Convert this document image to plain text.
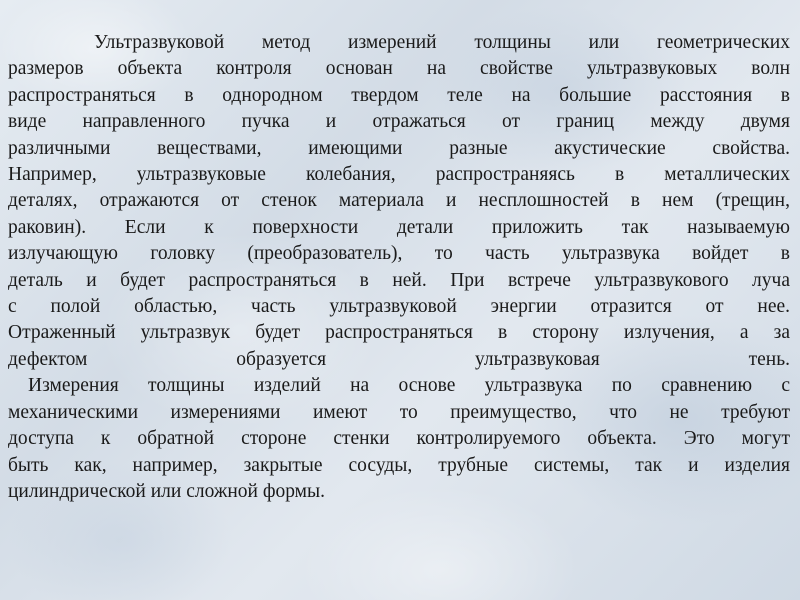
Ультразвуковой метод измерений толщины или геометрических
размеров объекта контроля основан на свойстве ультразвуковых волн
распространяться в однородном твердом теле на большие расстояния в
виде направленного пучка и отражаться от границ между двумя
различными веществами, имеющими разные акустические свойства.
Например, ультразвуковые колебания, распространяясь в металлических
деталях, отражаются от стенок материала и несплошностей в нем (трещин,
раковин). Если к поверхности детали приложить так называемую
излучающую головку (преобразователь), то часть ультразвука войдет в
деталь и будет распространяться в ней. При встрече ультразвукового луча
с полой областью, часть ультразвуковой энергии отразится от нее.
Отраженный ультразвук будет распространяться в сторону излучения, а за
дефектом образуется ультразвуковая тень.
Измерения толщины изделий на основе ультразвука по сравнению с
механическими измерениями имеют то преимущество, что не требуют
доступа к обратной стороне стенки контролируемого объекта. Это могут
быть как, например, закрытые сосуды, трубные системы, так и изделия
цилиндрической или сложной формы.
